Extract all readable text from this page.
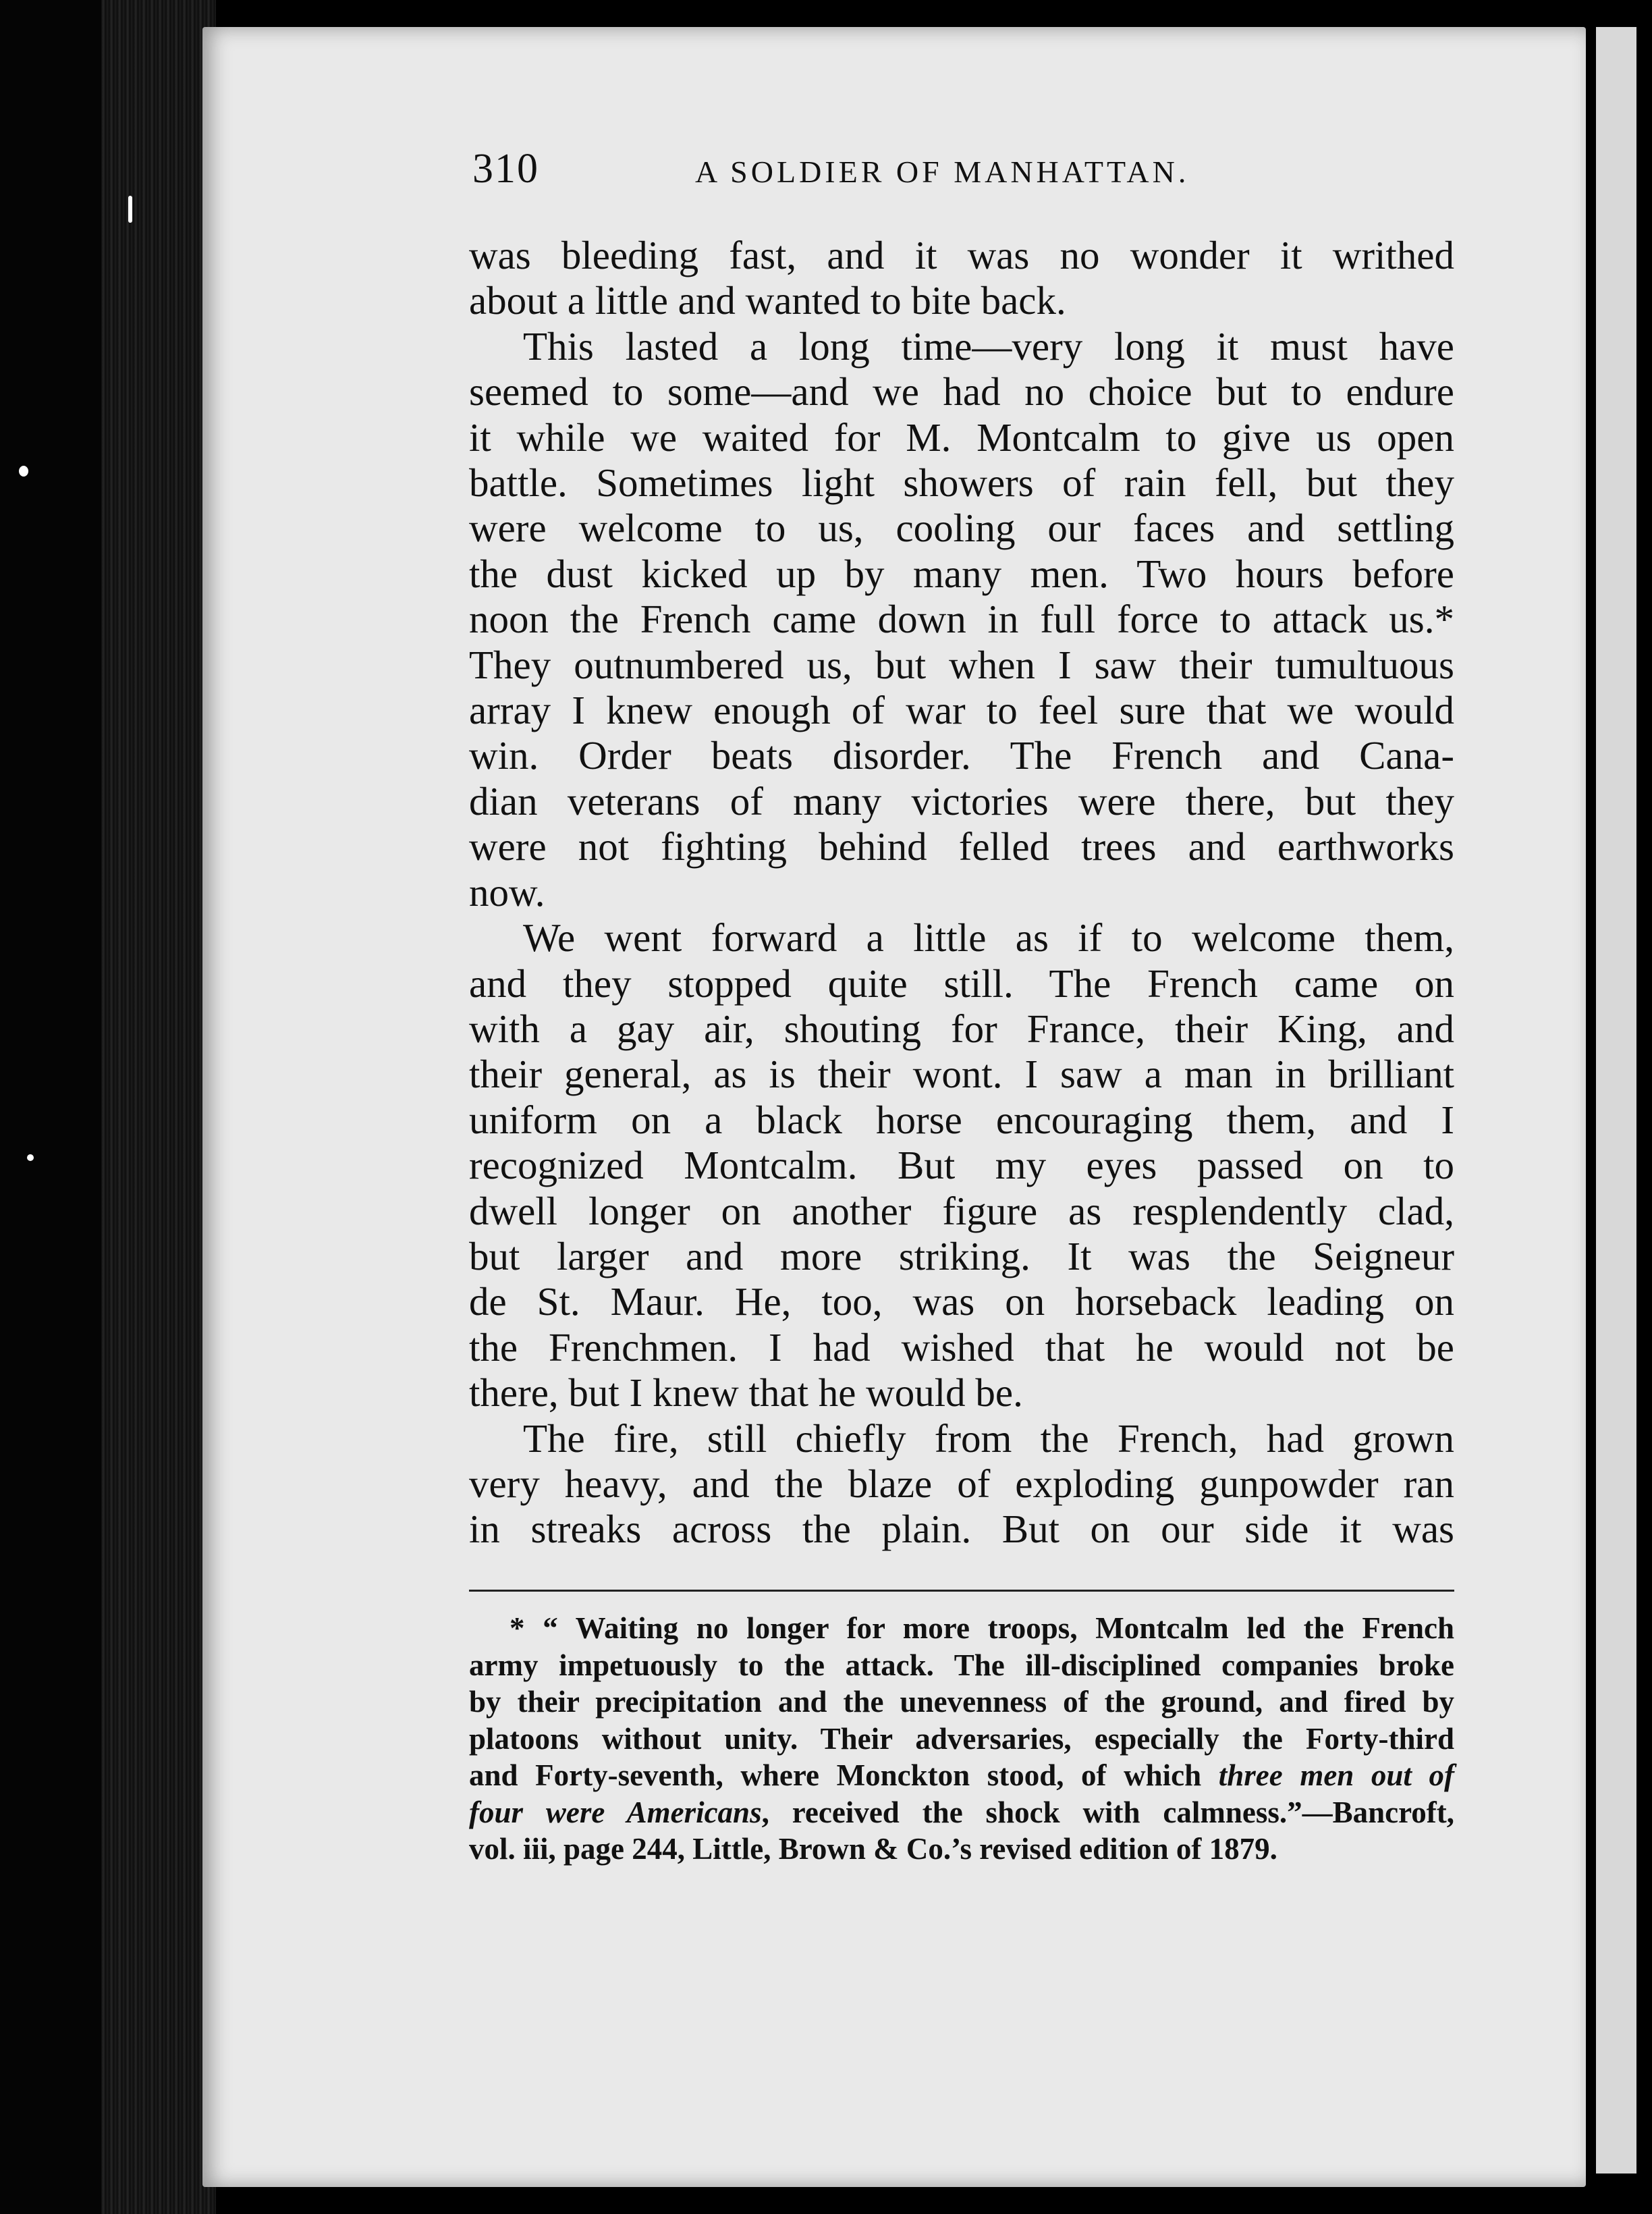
310	A SOLDIER OF MANHATTAN.
was bleeding fast, and it was no wonder it writhed
about a little and wanted to bite back.
This lasted a long time—very long it must have
seemed to some—and we had no choice but to endure
it while we waited for M. Montcalm to give us open
battle. Sometimes light showers of rain fell, but they
were welcome to us, cooling our faces and settling
the dust kicked up by many men. Two hours before
noon the French came down in full force to attack us.*
They outnumbered us, but when I saw their tumultuous
array I knew enough of war to feel sure that we would
win. Order beats disorder. The French and Cana-
dian veterans of many victories were there, but they
were not fighting behind felled trees and earthworks
now.
We went forward a little as if to welcome them,
and they stopped quite still. The French came on
with a gay air, shouting for France, their King, and
their general, as is their wont. I saw a man in brilliant
uniform on a black horse encouraging them, and I
recognized Montcalm. But my eyes passed on to
dwell longer on another figure as resplendently clad,
but larger and more striking. It was the Seigneur
de St. Maur. He, too, was on horseback leading on
the Frenchmen. I had wished that he would not be
there, but I knew that he would be.
The fire, still chiefly from the French, had grown
very heavy, and the blaze of exploding gunpowder ran
in streaks across the plain. But on our side it was
* “ Waiting no longer for more troops, Montcalm led the French
army impetuously to the attack. The ill-disciplined companies broke
by their precipitation and the unevenness of the ground, and fired by
platoons without unity. Their adversaries, especially the Forty-third
and Forty-seventh, where Monckton stood, of which three men out of
four were Americans, received the shock with calmness.”—Bancroft,
vol. iii, page 244, Little, Brown & Co.’s revised edition of 1879.
